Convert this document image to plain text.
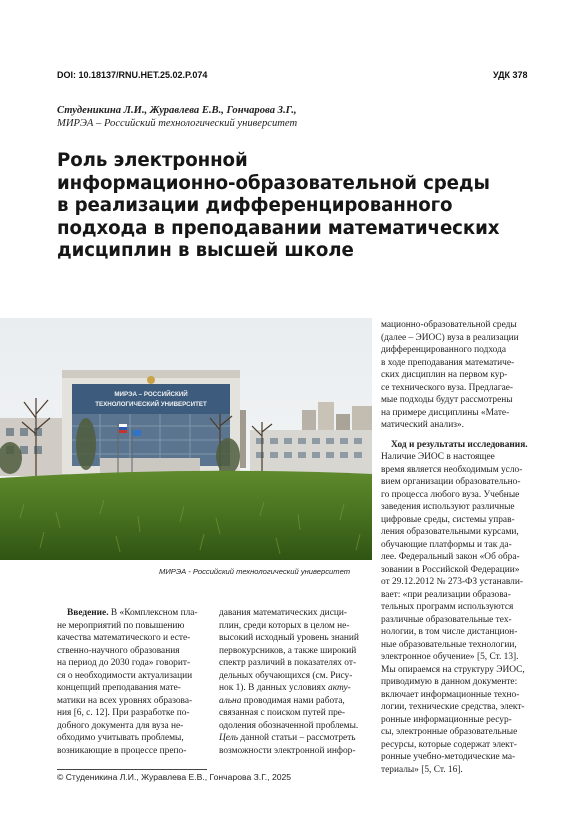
DOI: 10.18137/RNU.HET.25.02.P.074	УДК 378
Студеникина Л.И., Журавлева Е.В., Гончарова З.Г.,
МИРЭА – Российский технологический университет
Роль электронной
информационно-образовательной среды
в реализации дифференцированного
подхода в преподавании математических
дисциплин в высшей школе
МИРЭА – РОССИЙСКИЙ
ТЕХНОЛОГИЧЕСКИЙ УНИВЕРСИТЕТ
мационно-образовательной среды
(далее – ЭИОС) вуза в реализации
дифференцированного подхода
в ходе преподавания математиче-
ских дисциплин на первом кур-
се технического вуза. Предлагае-
мые подходы будут рассмотрены
на примере дисциплины «Мате-
матический анализ».
Ход и результаты исследования.
Наличие ЭИОС в настоящее
время является необходимым усло-
вием организации образовательно-
го процесса любого вуза. Учебные
заведения используют различные
цифровые среды, системы управ-
ления образовательными курсами,
обучающие платформы и так да-
лее. Федеральный закон «Об обра-
зовании в Российской Федерации»
от 29.12.2012 № 273-ФЗ устанавли-
вает: «при реализации образова-
тельных программ используются
различные образовательные тех-
нологии, в том числе дистанцион-
ные образовательные технологии,
электронное обучение» [5, Ст. 13].
Мы опираемся на структуру ЭИОС,
приводимую в данном документе:
включает информационные техно-
логии, технические средства, элект-
ронные информационные ресур-
сы, электронные образовательные
ресурсы, которые содержат элект-
ронные учебно-методические ма-
териалы» [5, Ст. 16].
МИРЭА - Российский технологический университет
Введение. В «Комплексном пла-
не мероприятий по повышению
качества математического и есте-
ственно-научного образования
на период до 2030 года» говорит-
ся о необходимости актуализации
концепций преподавания мате-
матики на всех уровнях образова-
ния [6, с. 12]. При разработке по-
добного документа для вуза не-
обходимо учитывать проблемы,
возникающие в процессе препо-
давания математических дисци-
плин, среди которых в целом не-
высокий исходный уровень знаний
первокурсников, а также широкий
спектр различий в показателях от-
дельных обучающихся (см. Рису-
нок 1). В данных условиях акту-
альна проводимая нами работа,
связанная с поиском путей пре-
одоления обозначенной проблемы.
Цель данной статьи – рассмотреть
возможности электронной инфор-
© Студеникина Л.И., Журавлева Е.В., Гончарова З.Г., 2025
